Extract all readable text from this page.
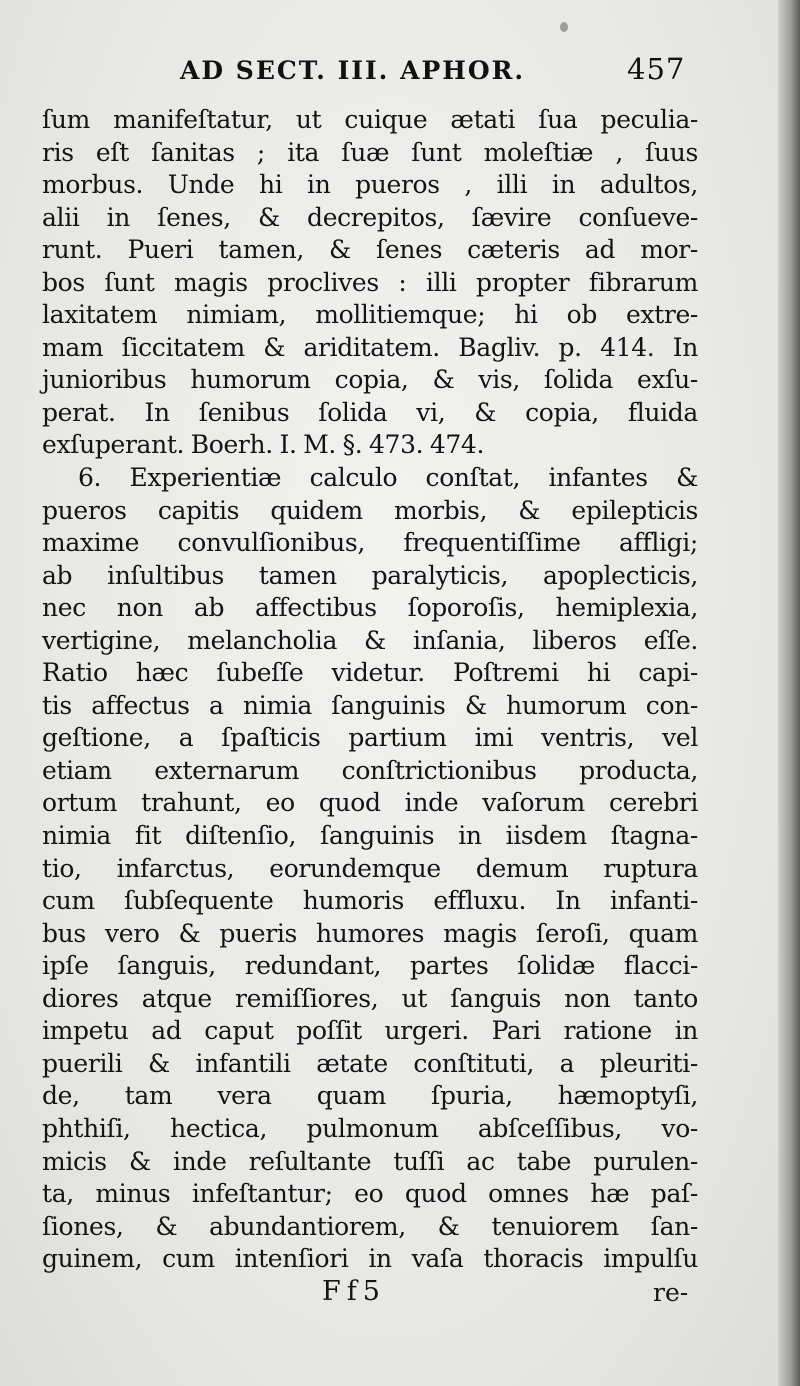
AD SECT. III. APHOR.	457
ſum manifeſtatur, ut cuique ætati ſua peculia-
ris eſt ſanitas ; ita ſuæ ſunt moleſtiæ , ſuus
morbus. Unde hi in pueros , illi in adultos,
alii in ſenes, & decrepitos, ſævire conſueve-
runt. Pueri tamen, & ſenes cæteris ad mor-
bos ſunt magis proclives : illi propter fibrarum
laxitatem nimiam, mollitiemque; hi ob extre-
mam ſiccitatem & ariditatem. Bagliv. p. 414. In
junioribus humorum copia, & vis, ſolida exſu-
perat. In ſenibus ſolida vi, & copia, fluida
exſuperant. Boerh. I. M. §. 473. 474.
6. Experientiæ calculo conſtat, infantes &
pueros capitis quidem morbis, & epilepticis
maxime convulſionibus, frequentiſſime affligi;
ab inſultibus tamen paralyticis, apoplecticis,
nec non ab affectibus ſoporoſis, hemiplexia,
vertigine, melancholia & inſania, liberos eſſe.
Ratio hæc ſubeſſe videtur. Poſtremi hi capi-
tis affectus a nimia ſanguinis & humorum con-
geſtione, a ſpaſticis partium imi ventris, vel
etiam externarum conſtrictionibus producta,
ortum trahunt, eo quod inde vaſorum cerebri
nimia fit diſtenſio, ſanguinis in iisdem ſtagna-
tio, infarctus, eorundemque demum ruptura
cum ſubſequente humoris effluxu. In infanti-
bus vero & pueris humores magis ſeroſi, quam
ipſe ſanguis, redundant, partes ſolidæ flacci-
diores atque remiſſiores, ut ſanguis non tanto
impetu ad caput poſſit urgeri. Pari ratione in
puerili & infantili ætate conſtituti, a pleuriti-
de, tam vera quam ſpuria, hæmoptyſi,
phthiſi, hectica, pulmonum abſceſſibus, vo-
micis & inde reſultante tuſſi ac tabe purulen-
ta, minus infeſtantur; eo quod omnes hæ paſ-
ſiones, & abundantiorem, & tenuiorem ſan-
guinem, cum intenſiori in vaſa thoracis impulſu
Ff5	re-
